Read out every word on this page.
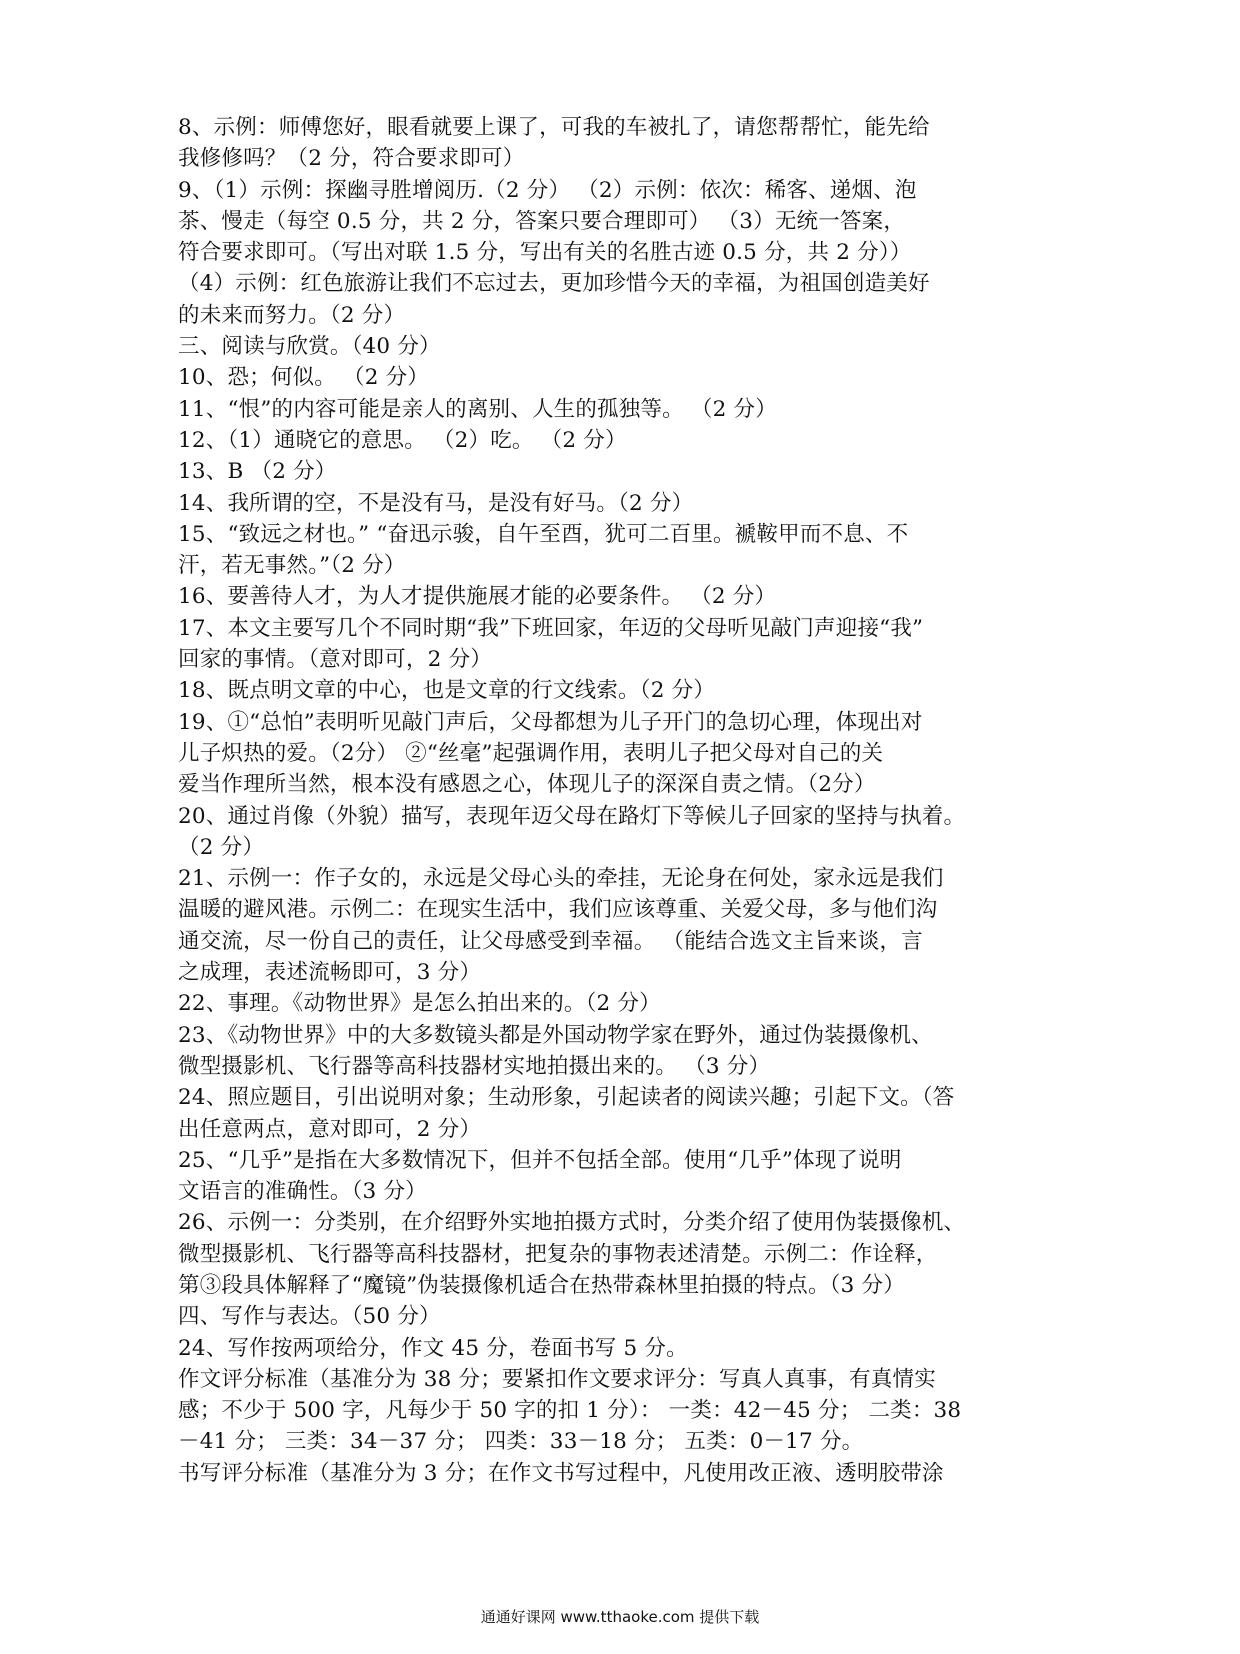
8、示例：师傅您好，眼看就要上课了，可我的车被扎了，请您帮帮忙，能先给
我修修吗？（2 分，符合要求即可）
9、（1）示例：探幽寻胜增阅历.（2 分） （2）示例：依次：稀客、递烟、泡
茶、慢走（每空 0.5 分，共 2 分，答案只要合理即可） （3）无统一答案，
符合要求即可。（写出对联 1.5 分，写出有关的名胜古迹 0.5 分，共 2 分））
（4）示例：红色旅游让我们不忘过去，更加珍惜今天的幸福，为祖国创造美好
的未来而努力。（2 分）
三、阅读与欣赏。（40 分）
10、恐；何似。 （2 分）
11、“恨”的内容可能是亲人的离别、人生的孤独等。 （2 分）
12、（1）通晓它的意思。 （2）吃。 （2 分）
13、B （2 分）
14、我所谓的空，不是没有马，是没有好马。（2 分）
15、“致远之材也。” “奋迅示骏，自午至酉，犹可二百里。褫鞍甲而不息、不
汗，若无事然。”（2 分）
16、要善待人才，为人才提供施展才能的必要条件。 （2 分）
17、本文主要写几个不同时期“我”下班回家，年迈的父母听见敲门声迎接“我”
回家的事情。（意对即可，2 分）
18、既点明文章的中心，也是文章的行文线索。（2 分）
19、①“总怕”表明听见敲门声后，父母都想为儿子开门的急切心理，体现出对
儿子炽热的爱。（2分） ②“丝毫”起强调作用，表明儿子把父母对自己的关
爱当作理所当然，根本没有感恩之心，体现儿子的深深自责之情。（2分）
20、通过肖像（外貌）描写，表现年迈父母在路灯下等候儿子回家的坚持与执着。
（2 分）
21、示例一：作子女的，永远是父母心头的牵挂，无论身在何处，家永远是我们
温暖的避风港。示例二：在现实生活中，我们应该尊重、关爱父母，多与他们沟
通交流，尽一份自己的责任，让父母感受到幸福。 （能结合选文主旨来谈，言
之成理，表述流畅即可，3 分）
22、事理。《动物世界》是怎么拍出来的。（2 分）
23、《动物世界》中的大多数镜头都是外国动物学家在野外，通过伪装摄像机、
微型摄影机、飞行器等高科技器材实地拍摄出来的。 （3 分）
24、照应题目，引出说明对象；生动形象，引起读者的阅读兴趣；引起下文。（答
出任意两点，意对即可，2 分）
25、“几乎”是指在大多数情况下，但并不包括全部。使用“几乎”体现了说明
文语言的准确性。（3 分）
26、示例一：分类别，在介绍野外实地拍摄方式时，分类介绍了使用伪装摄像机、
微型摄影机、飞行器等高科技器材，把复杂的事物表述清楚。示例二：作诠释，
第③段具体解释了“魔镜”伪装摄像机适合在热带森林里拍摄的特点。（3 分）
四、写作与表达。（50 分）
24、写作按两项给分，作文 45 分，卷面书写 5 分。
作文评分标准（基准分为 38 分；要紧扣作文要求评分：写真人真事，有真情实
感；不少于 500 字，凡每少于 50 字的扣 1 分）： 一类：42－45 分； 二类：38
－41 分； 三类：34－37 分； 四类：33－18 分； 五类：0－17 分。
书写评分标准（基准分为 3 分；在作文书写过程中，凡使用改正液、透明胶带涂
通通好课网 www.tthaoke.com 提供下载
